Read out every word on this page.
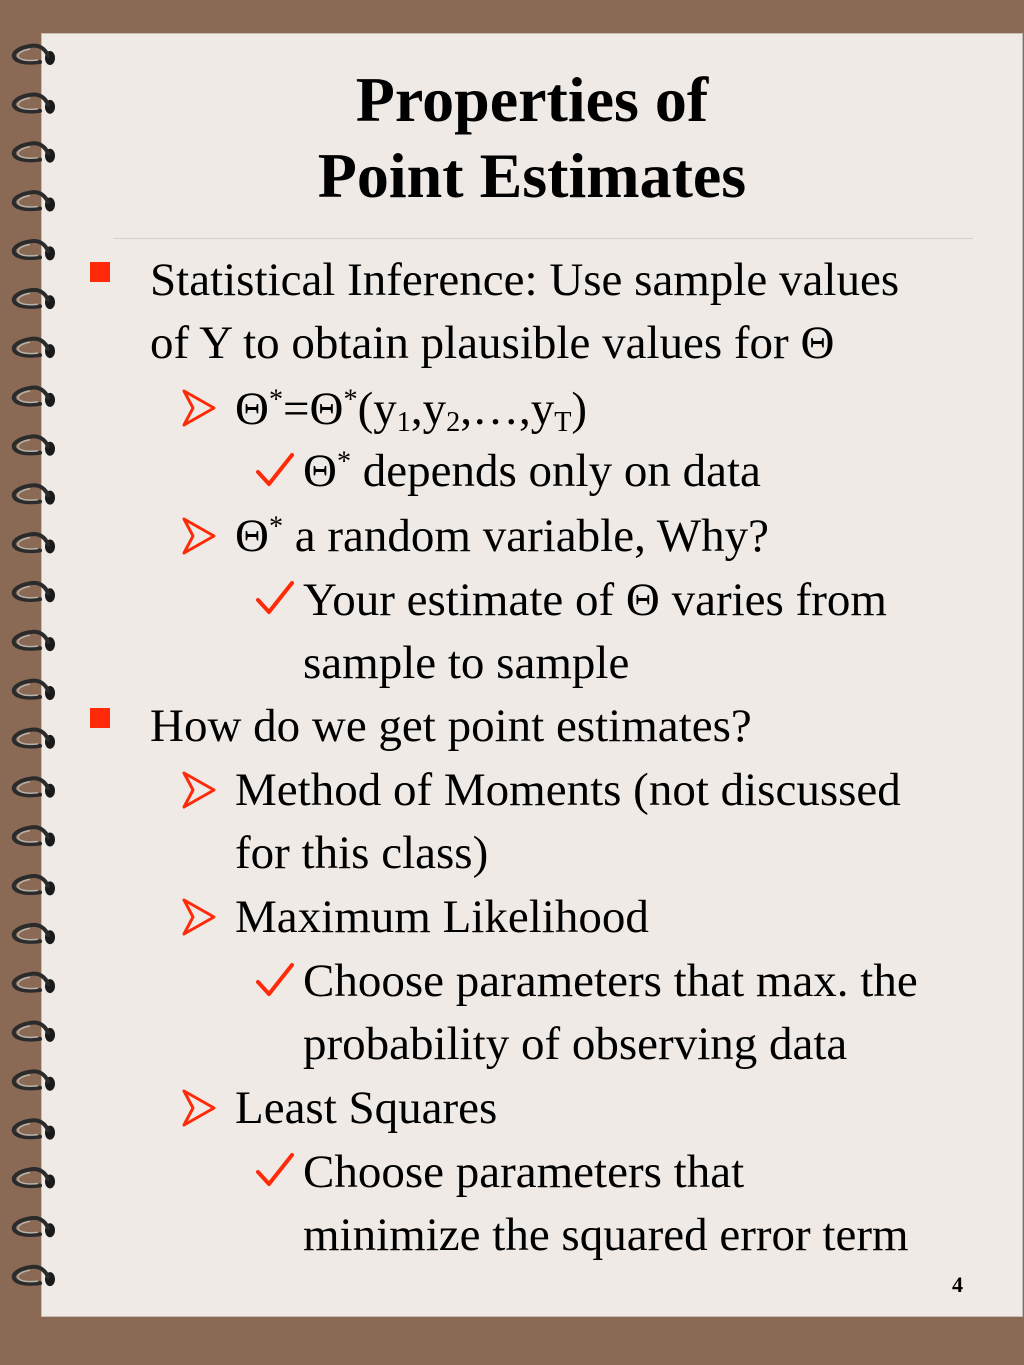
Properties of
Point Estimates
Statistical Inference: Use sample values
of Y to obtain plausible values for Θ
$\Theta^*=\Theta^*(y_1,y_2,\dots,y_T)$
Θ* depends only on data
Θ* a random variable, Why?
Your estimate of Θ varies from
sample to sample
How do we get point estimates?
Method of Moments (not discussed
for this class)
Maximum Likelihood
Choose parameters that max. the
probability of observing data
Least Squares
Choose parameters that
minimize the squared error term
4
